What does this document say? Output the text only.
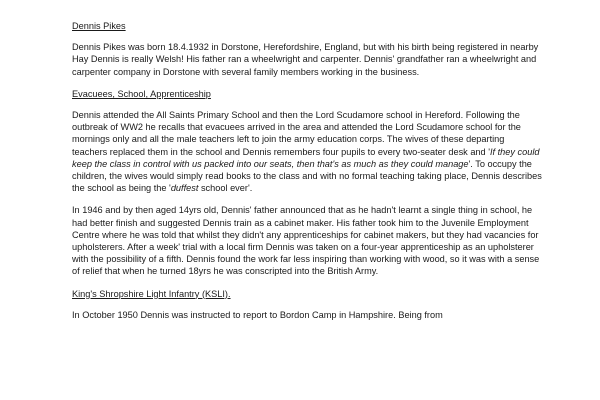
Dennis Pikes

Dennis Pikes was born 18.4.1932 in Dorstone, Herefordshire, England, but with his birth being registered in nearby Hay Dennis is really Welsh! His father ran a wheelwright and carpenter. Dennis' grandfather ran a wheelwright and carpenter company in Dorstone with several family members working in the business.

Evacuees, School, Apprenticeship

Dennis attended the All Saints Primary School and then the Lord Scudamore school in Hereford. Following the outbreak of WW2 he recalls that evacuees arrived in the area and attended the Lord Scudamore school for the mornings only and all the male teachers left to join the army education corps. The wives of these departing teachers replaced them in the school and Dennis remembers four pupils to every two-seater desk and 'If they could keep the class in control with us packed into our seats, then that's as much as they could manage'. To occupy the children, the wives would simply read books to the class and with no formal teaching taking place, Dennis describes the school as being the 'duffest school ever'.

In 1946 and by then aged 14yrs old, Dennis' father announced that as he hadn't learnt a single thing in school, he had better finish and suggested Dennis train as a cabinet maker. His father took him to the Juvenile Employment Centre where he was told that whilst they didn't any apprenticeships for cabinet makers, but they had vacancies for upholsterers. After a week' trial with a local firm Dennis was taken on a four-year apprenticeship as an upholsterer with the possibility of a fifth. Dennis found the work far less inspiring than working with wood, so it was with a sense of relief that when he turned 18yrs he was conscripted into the British Army.

King's Shropshire Light Infantry (KSLI).

In October 1950 Dennis was instructed to report to Bordon Camp in Hampshire. Being from
